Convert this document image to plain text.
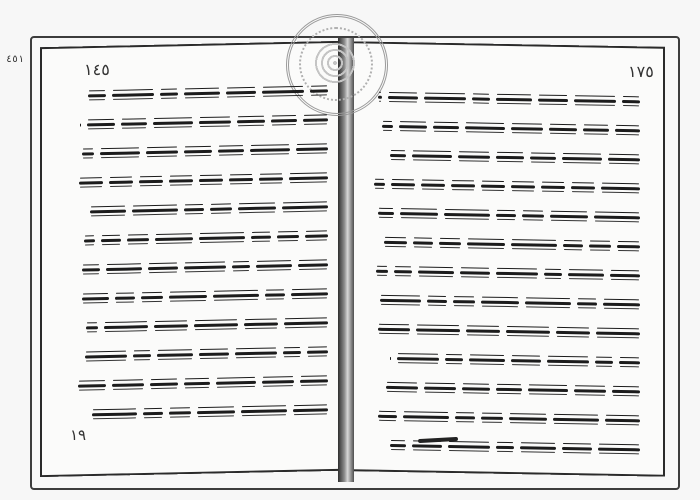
٤٥١
١٤٥	١٧٥
١٩
